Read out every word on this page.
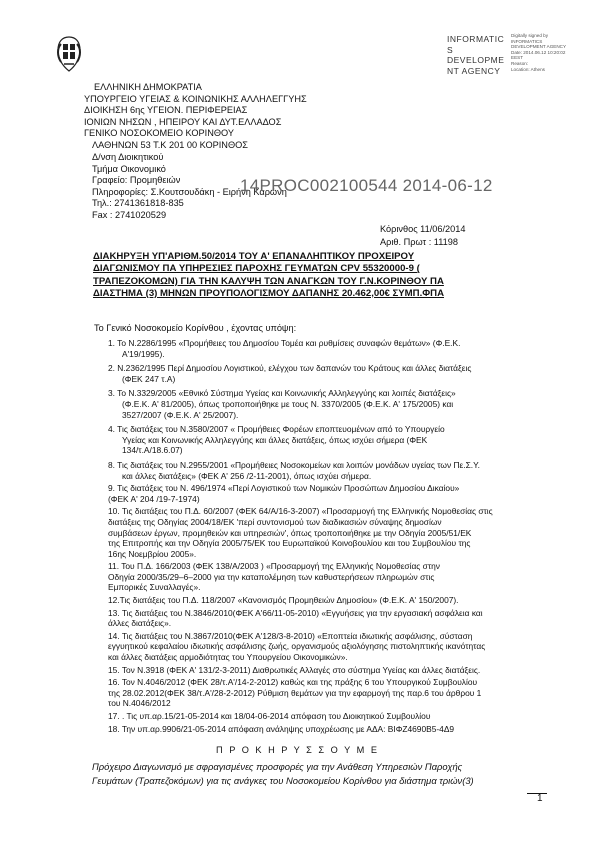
INFORMATIC
S
DEVELOPME
NT AGENCY
Digitally signed by
INFORMATICS
DEVELOPMENT AGENCY
Date: 2014.06.12 10:20:02
EEST
Reason:
Location: Athens
ΕΛΛΗΝΙΚΗ ΔΗΜΟΚΡΑΤΙΑ
ΥΠΟΥΡΓΕΙΟ ΥΓΕΙΑΣ & ΚΟΙΝΩΝΙΚΗΣ ΑΛΛΗΛΕΓΓΥΗΣ
ΔΙΟΙΚΗΣΗ 6ης ΥΓΕΙΟΝ. ΠΕΡΙΦΕΡΕΙΑΣ
ΙΟΝΙΩΝ ΝΗΣΩΝ , ΗΠΕΙΡΟΥ ΚΑΙ ΔΥΤ.ΕΛΛΑΔΟΣ
ΓΕΝΙΚΟ ΝΟΣΟΚΟΜΕΙΟ ΚΟΡΙΝΘΟΥ
ΛΑΘΗΝΩΝ 53 Τ.Κ 201 00 ΚΟΡΙΝΘΟΣ
Δ/νση Διοικητικού
Τμήμα Οικονομικό
Γραφείο: Προμηθειών
Πληροφορίες: Σ.Κουτσουδάκη - Ειρήνη Καρώνη
Τηλ.: 2741361818-835
Fax : 2741020529
14PROC002100544 2014-06-12
Κόρινθος 11/06/2014
Αριθ. Πρωτ : 11198
ΔΙΑΚΗΡΥΞΗ ΥΠ'ΑΡΙΘΜ.50/2014 ΤΟΥ Α' ΕΠΑΝΑΛΗΠΤΙΚΟΥ ΠΡΟΧΕΙΡΟΥ
ΔΙΑΓΩΝΙΣΜΟΥ ΠΑ ΥΠΗΡΕΣΙΕΣ ΠΑΡΟΧΗΣ ΓΕΥΜΑΤΩΝ CPV 55320000-9 (
ΤΡΑΠΕΖΟΚΟΜΩΝ) ΓΙΑ ΤΗΝ ΚΑΛΥΨΗ ΤΩΝ ΑΝΑΓΚΩΝ ΤΟΥ Γ.Ν.ΚΟΡΙΝΘΟΥ ΠΑ
ΔΙΑΣΤΗΜΑ (3) ΜΗΝΩΝ ΠΡΟΥΠΟΛΟΓΙΣΜΟΥ ΔΑΠΑΝΗΣ 20.462,00€ ΣΥΜΠ.ΦΠΑ
Το Γενικό Νοσοκομείο Κορίνθου , έχοντας υπόψη:
1. Το Ν.2286/1995 «Προμήθειες του Δημοσίου Τομέα και ρυθμίσεις συναφών θεμάτων» (Φ.Ε.Κ.
Α'19/1995).
2. Ν.2362/1995 Περί Δημοσίου Λογιστικού, ελέγχου των δαπανών του Κράτους και άλλες διατάξεις
(ΦΕΚ 247 τ.Α)
3. Το Ν.3329/2005 «Εθνικό Σύστημα Υγείας και Κοινωνικής Αλληλεγγύης και λοιπές διατάξεις»
(Φ.Ε.Κ. Α' 81/2005), όπως τροποποιήθηκε με τους Ν. 3370/2005 (Φ.Ε.Κ. Α' 175/2005) και
3527/2007 (Φ.Ε.Κ. Α' 25/2007).
4. Τις διατάξεις του Ν.3580/2007 « Προμήθειες Φορέων εποπτευομένων από το Υπουργείο
Υγείας και Κοινωνικής Αλληλεγγύης και άλλες διατάξεις, όπως ισχύει σήμερα (ΦΕΚ
134/τ.Α/18.6.07)
8. Τις διατάξεις του Ν.2955/2001 «Προμήθειες Νοσοκομείων και λοιπών μονάδων υγείας των Πε.Σ.Υ.
και άλλες διατάξεις» (ΦΕΚ Α' 256 /2-11-2001), όπως ισχύει σήμερα.
9. Τις διατάξεις του Ν. 496/1974 «Περί Λογιστικού των Νομικών Προσώπων Δημοσίου Δικαίου»
(ΦΕΚ Α' 204 /19-7-1974)
10. Τις διατάξεις του Π.Δ. 60/2007 (ΦΕΚ 64/Α/16-3-2007) «Προσαρμογή της Ελληνικής Νομοθεσίας στις
διατάξεις της Οδηγίας 2004/18/ΕΚ 'περί συντονισμού των διαδικασιών σύναψης δημοσίων
συμβάσεων έργων, προμηθειών και υπηρεσιών', όπως τροποποιήθηκε με την Οδηγία 2005/51/ΕΚ
της Επιτροπής και την Οδηγία 2005/75/ΕΚ του Ευρωπαϊκού Κοινοβουλίου και του Συμβουλίου της
16ης Νοεμβρίου 2005».
11. Του Π.Δ. 166/2003 (ΦΕΚ 138/Α/2003 ) «Προσαρμογή της Ελληνικής Νομοθεσίας στην
Οδηγία 2000/35/29–6–2000 για την καταπολέμηση των καθυστερήσεων πληρωμών στις
Εμπορικές Συναλλαγές».
12.Τις διατάξεις του Π.Δ. 118/2007 «Κανονισμός Προμηθειών Δημοσίου» (Φ.Ε.Κ. Α' 150/2007).
13. Τις διατάξεις του Ν.3846/2010(ΦΕΚ Α'66/11-05-2010) «Εγγυήσεις για την εργασιακή ασφάλεια και
άλλες διατάξεις».
14. Τις διατάξεις του Ν.3867/2010(ΦΕΚ Α'128/3-8-2010) «Εποπτεία ιδιωτικής ασφάλισης, σύσταση
εγγυητικού κεφαλαίου ιδιωτικής ασφάλισης ζωής, οργανισμούς αξιολόγησης πιστοληπτικής ικανότητας
και άλλες διατάξεις αρμοδιότητας του Υπουργείου Οικονομικών».
15. Τον Ν.3918 (ΦΕΚ Α' 131/2-3-2011) Διαθρωτικές Αλλαγές στο σύστημα Υγείας και άλλες διατάξεις.
16. Τον Ν.4046/2012 (ΦΕΚ 28/τ.Α'/14-2-2012) καθώς και της πράξης 6 του Υπουργικού Συμβουλίου
της 28.02.2012(ΦΕΚ 38/τ.Α'/28-2-2012) Ρύθμιση θεμάτων για την εφαρμογή της παρ.6 του άρθρου 1
του Ν.4046/2012
17. . Τις υπ.αρ.15/21-05-2014 και 18/04-06-2014 απόφαση του Διοικητικού Συμβουλίου
18. Την υπ.αρ.9906/21-05-2014 απόφαση ανάληψης υποχρέωσης με ΑΔΑ: ΒΙΦΖ4690Β5-4Δ9
Π Ρ Ο Κ Η Ρ Υ Σ Σ Ο Υ Μ Ε
Πρόχειρο Διαγωνισμό με σφραγισμένες προσφορές για την Ανάθεση Υπηρεσιών Παροχής
Γευμάτων (Τραπεζοκόμων) για τις ανάγκες του Νοσοκομείου Κορίνθου για διάστημα τριών(3)
1
